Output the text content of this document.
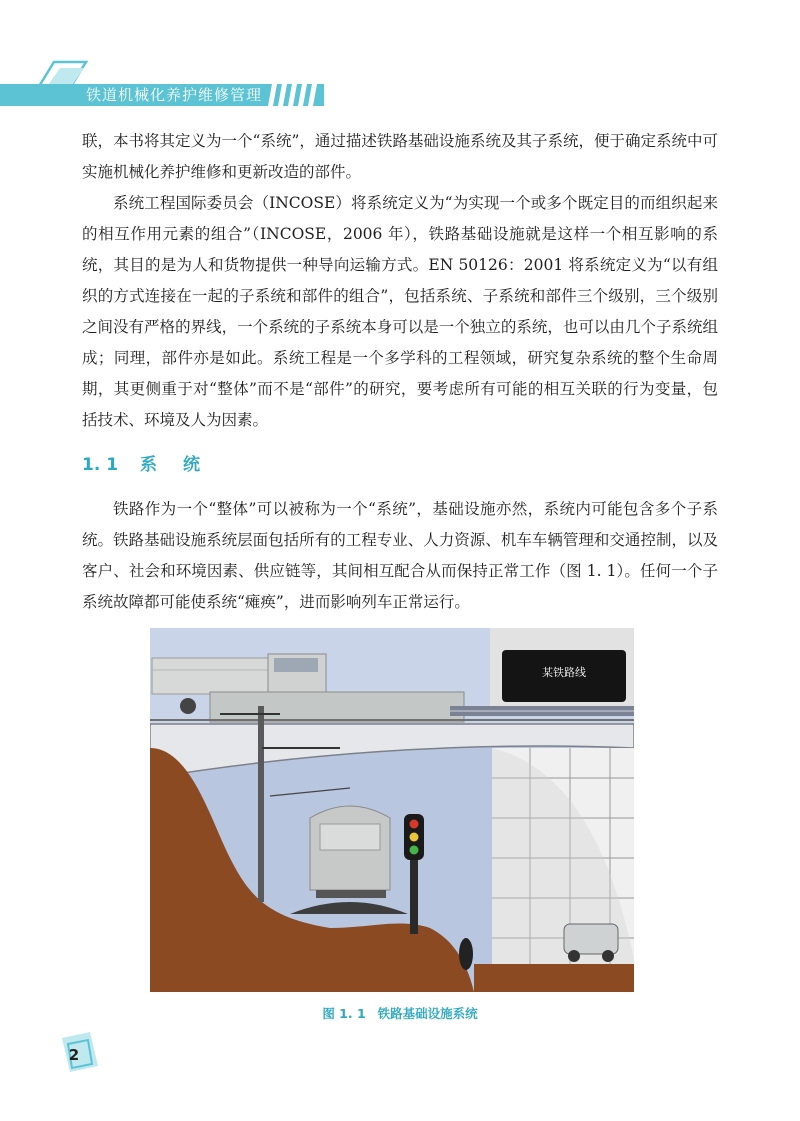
铁道机械化养护维修管理

联，本书将其定义为一个“系统”，通过描述铁路基础设施系统及其子系统，便于确定系统中可实施机械化养护维修和更新改造的部件。

系统工程国际委员会（INCOSE）将系统定义为“为实现一个或多个既定目的而组织起来的相互作用元素的组合”（INCOSE，2006 年），铁路基础设施就是这样一个相互影响的系统，其目的是为人和货物提供一种导向运输方式。EN 50126：2001 将系统定义为“以有组织的方式连接在一起的子系统和部件的组合”，包括系统、子系统和部件三个级别，三个级别之间没有严格的界线，一个系统的子系统本身可以是一个独立的系统，也可以由几个子系统组成；同理，部件亦是如此。系统工程是一个多学科的工程领域，研究复杂系统的整个生命周期，其更侧重于对“整体”而不是“部件”的研究，要考虑所有可能的相互关联的行为变量，包括技术、环境及人为因素。

1. 1 系 统

铁路作为一个“整体”可以被称为一个“系统”，基础设施亦然，系统内可能包含多个子系统。铁路基础设施系统层面包括所有的工程专业、人力资源、机车车辆管理和交通控制，以及客户、社会和环境因素、供应链等，其间相互配合从而保持正常工作（图 1. 1）。任何一个子系统故障都可能使系统“瘫痪”，进而影响列车正常运行。

某铁路线
图 1. 1 铁路基础设施系统
2
